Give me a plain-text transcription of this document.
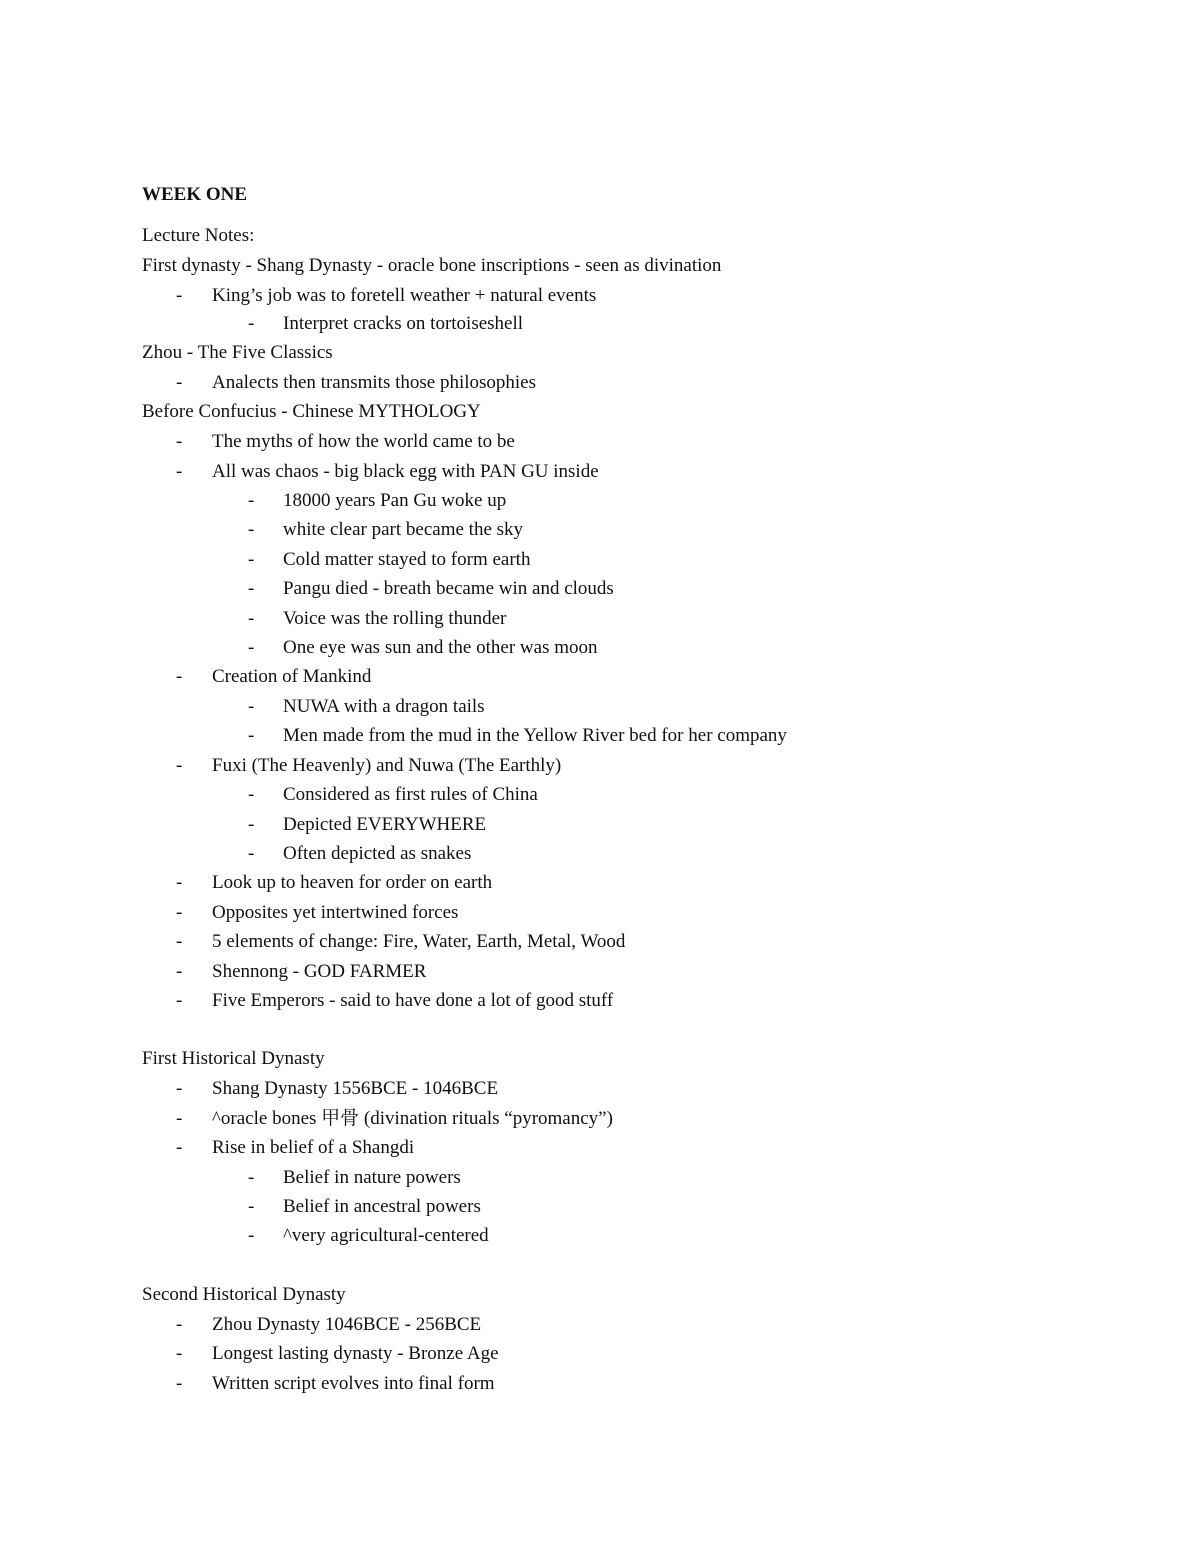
WEEK ONE
Lecture Notes:
First dynasty - Shang Dynasty - oracle bone inscriptions - seen as divination
- King’s job was to foretell weather + natural events
- Interpret cracks on tortoiseshell
Zhou - The Five Classics
- Analects then transmits those philosophies
Before Confucius - Chinese MYTHOLOGY
- The myths of how the world came to be
- All was chaos - big black egg with PAN GU inside
- 18000 years Pan Gu woke up
- white clear part became the sky
- Cold matter stayed to form earth
- Pangu died - breath became win and clouds
- Voice was the rolling thunder
- One eye was sun and the other was moon
- Creation of Mankind
- NUWA with a dragon tails
- Men made from the mud in the Yellow River bed for her company
- Fuxi (The Heavenly) and Nuwa (The Earthly)
- Considered as first rules of China
- Depicted EVERYWHERE
- Often depicted as snakes
- Look up to heaven for order on earth
- Opposites yet intertwined forces
- 5 elements of change: Fire, Water, Earth, Metal, Wood
- Shennong - GOD FARMER
- Five Emperors - said to have done a lot of good stuff
First Historical Dynasty
- Shang Dynasty 1556BCE - 1046BCE
- ^oracle bones 甲骨 (divination rituals “pyromancy”)
- Rise in belief of a Shangdi
- Belief in nature powers
- Belief in ancestral powers
- ^very agricultural-centered
Second Historical Dynasty
- Zhou Dynasty 1046BCE - 256BCE
- Longest lasting dynasty - Bronze Age
- Written script evolves into final form
